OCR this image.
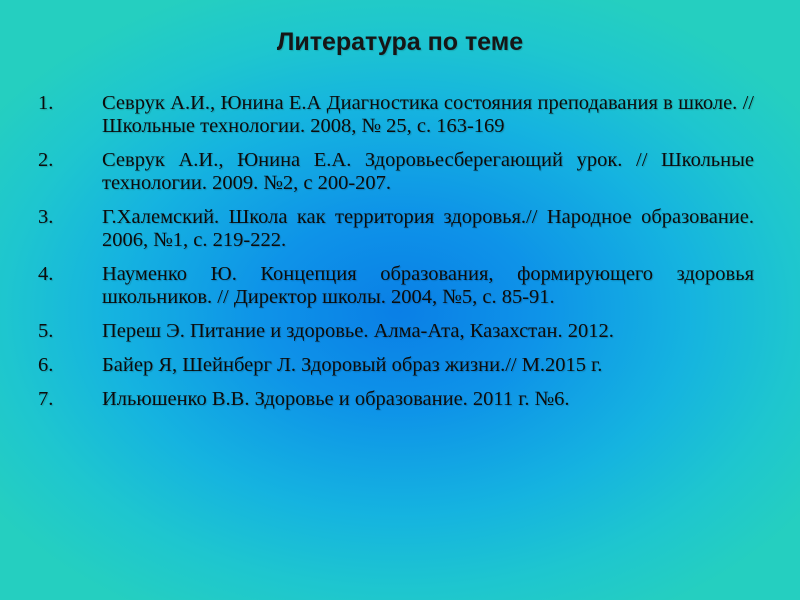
Литература по теме
1. Севрук А.И., Юнина Е.А Диагностика состояния преподавания в школе. // Школьные технологии. 2008, № 25, с. 163-169
2. Севрук А.И., Юнина Е.А. Здоровьесберегающий урок. // Школьные технологии. 2009. №2, с 200-207.
3. Г.Халемский. Школа как территория здоровья.// Народное образование. 2006, №1, с. 219-222.
4. Науменко Ю. Концепция образования, формирующего здоровья школьников. // Директор школы. 2004, №5, с. 85-91.
5. Переш Э. Питание и здоровье. Алма-Ата, Казахстан. 2012.
6. Байер Я, Шейнберг Л. Здоровый образ жизни.// М.2015 г.
7. Ильюшенко В.В. Здоровье и образование. 2011 г. №6.
